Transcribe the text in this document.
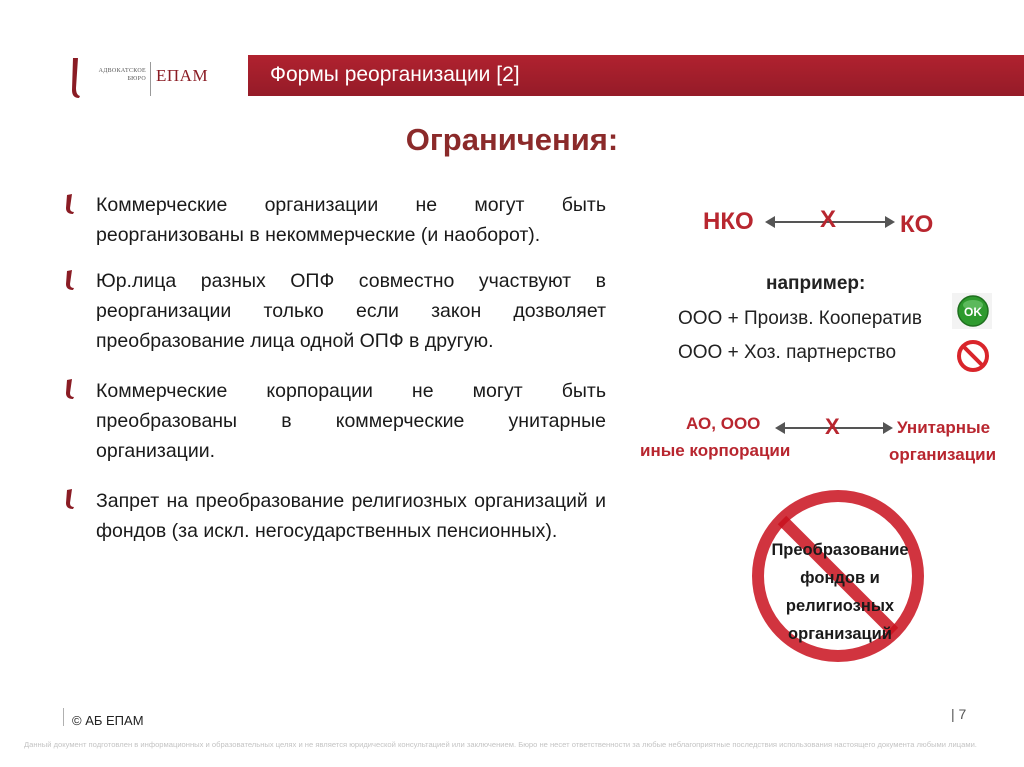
АДВОКАТСКОЕ БЮРО ЕПАМ	Формы реорганизации [2]
Ограничения:
Коммерческие организации не могут быть реорганизованы в некоммерческие (и наоборот).
Юр.лица разных ОПФ совместно участвуют в реорганизации только если закон дозволяет преобразование лица одной ОПФ в другую.
Коммерческие корпорации не могут быть преобразованы в коммерческие унитарные организации.
Запрет на преобразование религиозных организаций и фондов (за искл. негосударственных пенсионных).
НКО	Х	КО
например:
ООО + Произв. Кооператив
ООО + Хоз. партнерство
OK
АО, ООО
иные корпорации
Х	Унитарные
организации
Преобразование фондов и религиозных организаций
© АБ ЕПАМ	| 7
Данный документ подготовлен в информационных и образовательных целях и не является юридической консультацией или заключением. Бюро не несет ответственности за любые неблагоприятные последствия использования настоящего документа любыми лицами.
